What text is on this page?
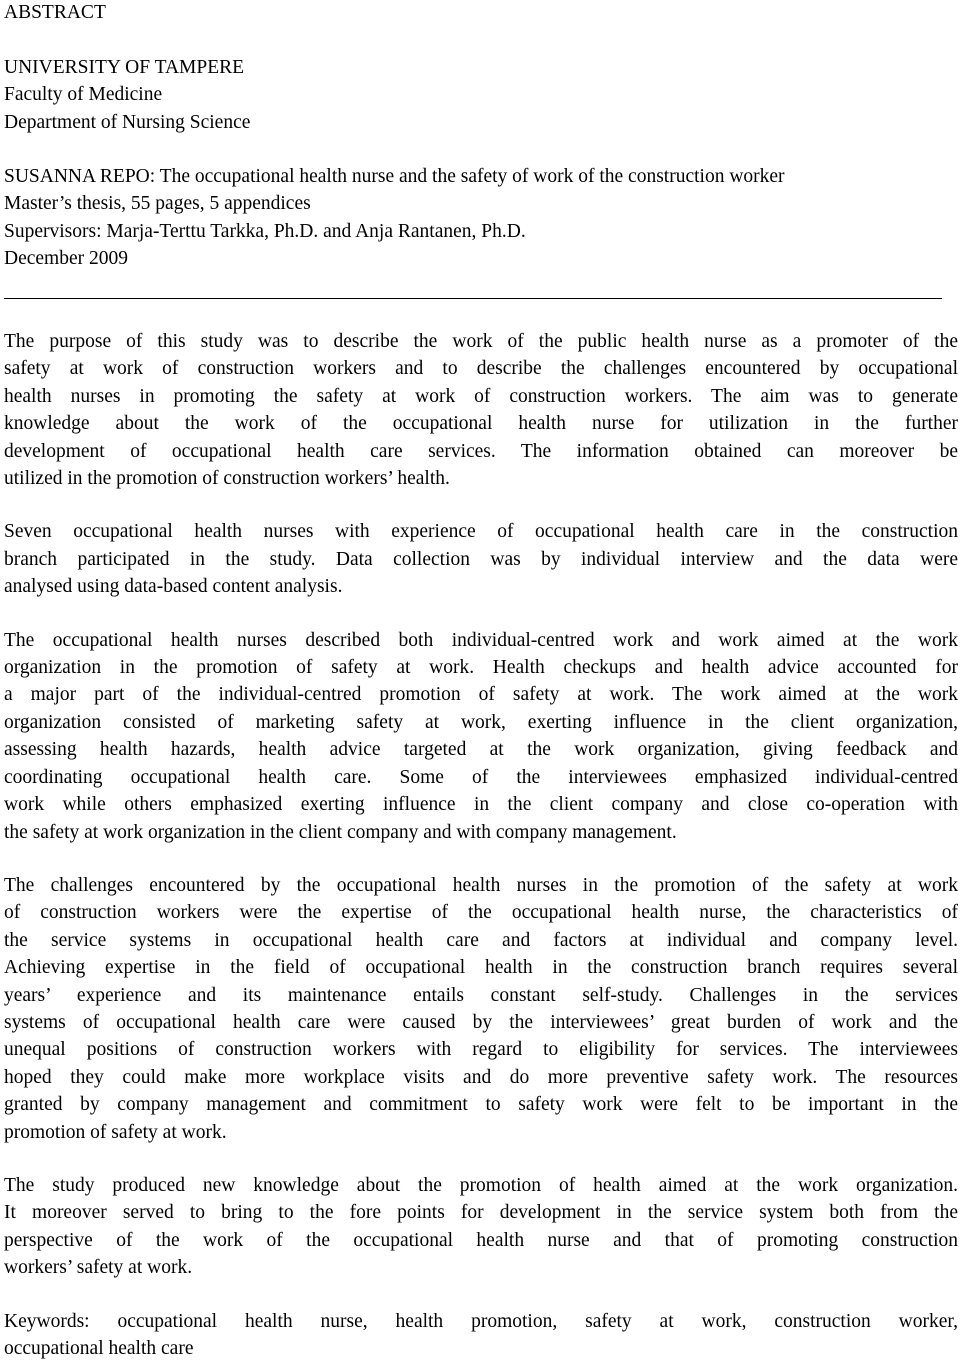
ABSTRACT

UNIVERSITY OF TAMPERE

Faculty of Medicine

Department of Nursing Science

SUSANNA REPO: The occupational health nurse and the safety of work of the construction worker

Master’s thesis, 55 pages, 5 appendices

Supervisors: Marja-Terttu Tarkka, Ph.D. and Anja Rantanen, Ph.D.

December 2009

The purpose of this study was to describe the work of the public health nurse as a promoter of the
safety at work of construction workers and to describe the challenges encountered by occupational
health nurses in promoting the safety at work of construction workers. The aim was to generate
knowledge about the work of the occupational health nurse for utilization in the further
development of occupational health care services. The information obtained can moreover be
utilized in the promotion of construction workers’ health.
Seven occupational health nurses with experience of occupational health care in the construction
branch participated in the study. Data collection was by individual interview and the data were
analysed using data-based content analysis.
The occupational health nurses described both individual-centred work and work aimed at the work
organization in the promotion of safety at work. Health checkups and health advice accounted for
a major part of the individual-centred promotion of safety at work. The work aimed at the work
organization consisted of marketing safety at work, exerting influence in the client organization,
assessing health hazards, health advice targeted at the work organization, giving feedback and
coordinating occupational health care. Some of the interviewees emphasized individual-centred
work while others emphasized exerting influence in the client company and close co-operation with
the safety at work organization in the client company and with company management.
The challenges encountered by the occupational health nurses in the promotion of the safety at work
of construction workers were the expertise of the occupational health nurse, the characteristics of
the service systems in occupational health care and factors at individual and company level.
Achieving expertise in the field of occupational health in the construction branch requires several
years’ experience and its maintenance entails constant self-study. Challenges in the services
systems of occupational health care were caused by the interviewees’ great burden of work and the
unequal positions of construction workers with regard to eligibility for services. The interviewees
hoped they could make more workplace visits and do more preventive safety work. The resources
granted by company management and commitment to safety work were felt to be important in the
promotion of safety at work.
The study produced new knowledge about the promotion of health aimed at the work organization.
It moreover served to bring to the fore points for development in the service system both from the
perspective of the work of the occupational health nurse and that of promoting construction
workers’ safety at work.
Keywords: occupational health nurse, health promotion, safety at work, construction worker,
occupational health care
